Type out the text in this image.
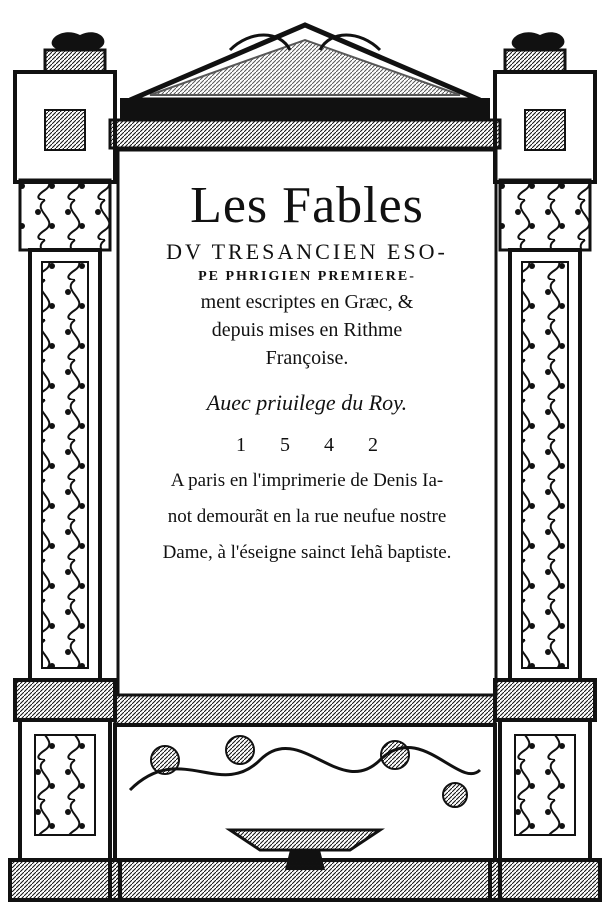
Les Fables
DV TRESANCIEN ESO-
PE PHRIGIEN PREMIERE-
ment escriptes en Græc, &
depuis mises en Rithme
Françoise.
Auec priuilege du Roy.
1542
A paris en l'imprimerie de Denis Ia-
not demourãt en la rue neufue nostre
Dame, à l'éseigne sainct Iehã baptiste.
